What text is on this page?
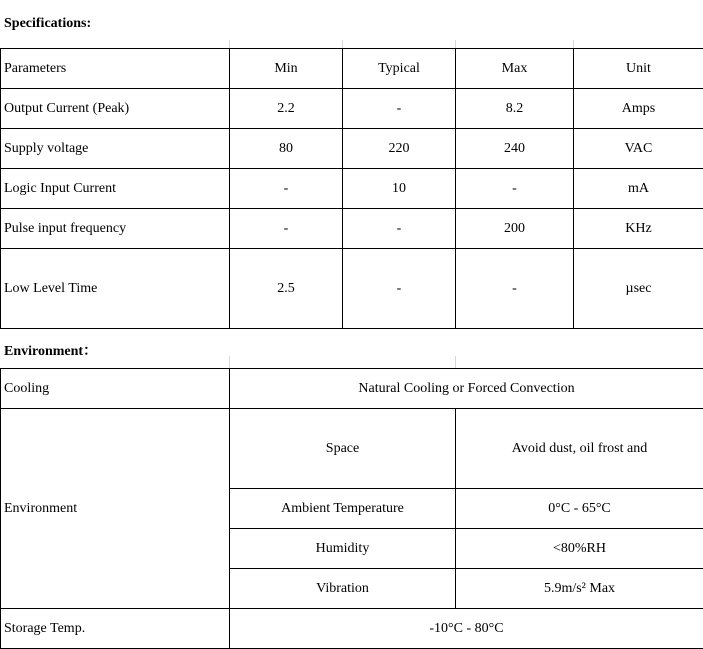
Specifications:
Parameters	Min	Typical	Max	Unit
Output Current (Peak)	2.2	-	8.2	Amps
Supply voltage	80	220	240	VAC
Logic Input Current	-	10	-	mA
Pulse input frequency	-	-	200	KHz
Low Level Time	2.5	-	-	µsec
Environment：
Cooling	Natural Cooling or Forced Convection	
Environment	Space	Avoid dust, oil frost and
	Ambient Temperature	0°C - 65°C
	Humidity	<80%RH
	Vibration	5.9m/s² Max
Storage Temp.	-10°C - 80°C	
